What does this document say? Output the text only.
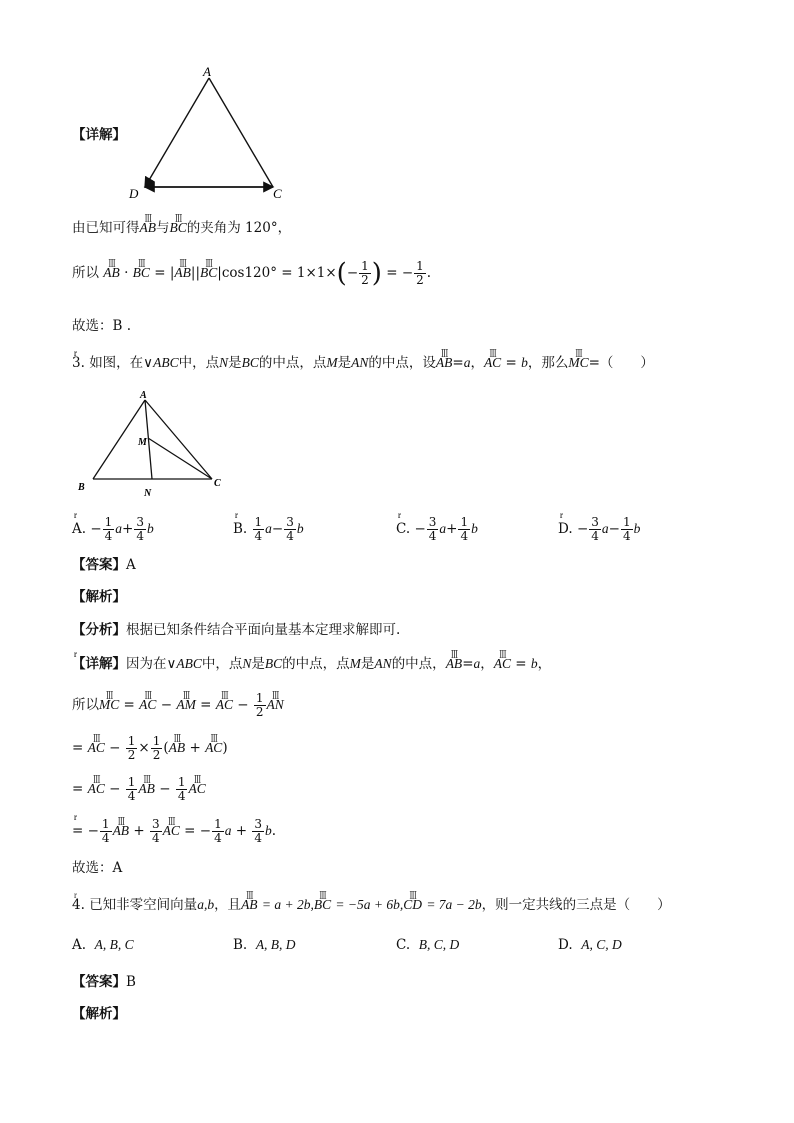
A
D	C
【详解】
由已知可得ꟾꟾꟾ AB与ꟾꟾꟾ BC的夹角为 120°，
所以 ꟾꟾꟾ AB · ꟾꟾꟾ BC = |ꟾꟾꟾ AB||ꟾꟾꟾ $BC|\cos 120^\circ = 1\times 1\times(- \frac{1}{2}$ ) = − $\frac{1}{2}$ .
故选：B .
3. 如图，在∨ABC中，点N是BC的中点，点M是AN的中点，设ꟾꟾꟾ AB=r a，ꟾꟾꟾ AC = r b，那么ꟾꟾꟾ MC=（　　）
A
M
B
N
C
A. − $\frac{1}{4}$ r $a+ \frac{3}{4}$ r b	B. $\frac{1}{4}$ r $a- \frac{3}{4}$ r b	C. − $\frac{3}{4}$ r $a+ \frac{1}{4}$ r b	D. − $\frac{3}{4}$ r $a- \frac{1}{4}$ r b
【答案】A
【解析】
【分析】根据已知条件结合平面向量基本定理求解即可.
【详解】因为在∨ABC中，点N是BC的中点，点M是AN的中点，ꟾꟾꟾ AB=r a，ꟾꟾꟾ AC = r b，
所以ꟾꟾꟾ MC = ꟾꟾꟾ AC − ꟾꟾꟾ AM = ꟾꟾꟾ AC − $\frac{1}{2}$ ꟾꟾꟾ AN
= ꟾꟾꟾ AC − $\frac{1}{2} \times \frac{1}{2}$ (ꟾꟾꟾ AB + ꟾꟾꟾ AC)
= ꟾꟾꟾ AC − $\frac{1}{4}$ ꟾꟾꟾ AB − $\frac{1}{4}$ ꟾꟾꟾ AC
= − $\frac{1}{4}$ ꟾꟾꟾ AB + $\frac{3}{4}$ ꟾꟾꟾ AC = − $\frac{1}{4}$ r $a + \frac{3}{4}$ r b.
故选：A
4. 已知非零空间向量r a,b，且ꟾꟾꟾ AB = a + 2b,ꟾꟾꟾ BC = −5a + 6b,ꟾꟾꟾ CD = 7a − 2b，则一定共线的三点是（　　）
A. A, B, C	B. A, B, D	C. B, C, D	D. A, C, D
【答案】B
【解析】
